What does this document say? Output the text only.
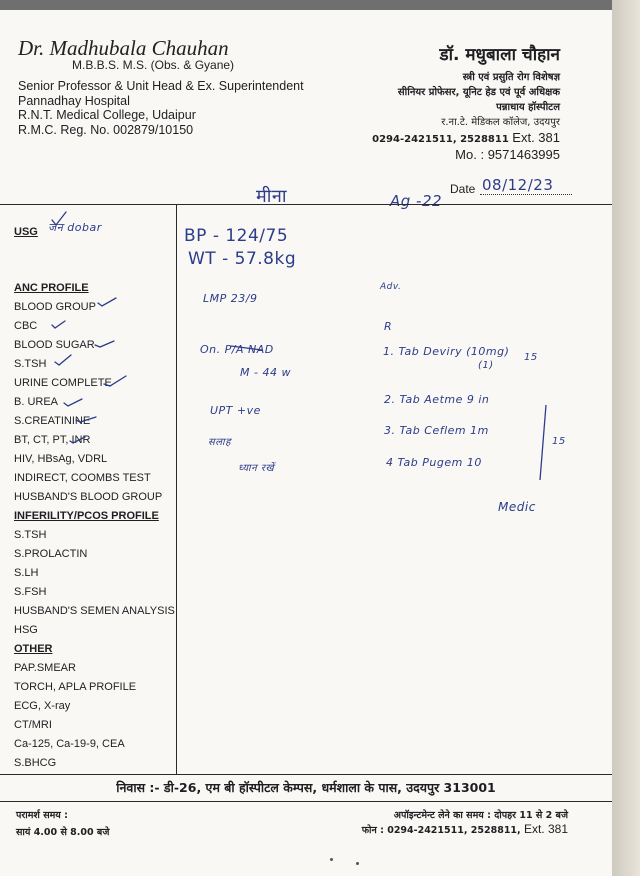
Dr. Madhubala Chauhan
M.B.B.S. M.S. (Obs. & Gyane)
Senior Professor & Unit Head & Ex. Superintendent
Pannadhay Hospital
R.N.T. Medical College, Udaipur
R.M.C. Reg. No. 002879/10150
डॉ. मधुबाला चौहान
स्त्री एवं प्रसुति रोग विशेषज्ञ
सीनियर प्रोफेसर, यूनिट हेड एवं पूर्व अधिक्षक
पन्नाधाय हॉस्पीटल
र.ना.टे. मेडिकल कॉलेज, उदयपुर
0294-2421511, 2528811 Ext. 381
Mo. : 9571463995
Date 08/12/23
मीना	Ag -22
USG
ANC PROFILE
BLOOD GROUP
CBC
BLOOD SUGAR
S.TSH
URINE COMPLETE
B. UREA
S.CREATININE
BT, CT, PT, INR
HIV, HBsAg, VDRL
INDIRECT, COOMBS TEST
HUSBAND'S BLOOD GROUP
INFERILITY/PCOS PROFILE
S.TSH
S.PROLACTIN
S.LH
S.FSH
HUSBAND'S SEMEN ANALYSIS
HSG
OTHER
PAP.SMEAR
TORCH, APLA PROFILE
ECG, X-ray
CT/MRI
Ca-125, Ca-19-9, CEA
S.BHCG
जन dobar	BP - 124/75
WT - 57.8kg
LMP 23/9
On. P/A NAD
M - 44 w
UPT +ve
सलाह
ध्यान रखें
Adv.
R
1. Tab Deviry (10mg)
(1)
15
2. Tab Aetme 9 in
3. Tab Ceflem 1m
4 Tab Pugem 10
15
Medic
निवास :- डी-26, एम बी हॉस्पीटल केम्पस, धर्मशाला के पास, उदयपुर 313001
परामर्श समय :
सायं 4.00 से 8.00 बजे
अपॉइन्टमेन्ट लेने का समय : दोपहर 11 से 2 बजे
फोन : 0294-2421511, 2528811, Ext. 381
